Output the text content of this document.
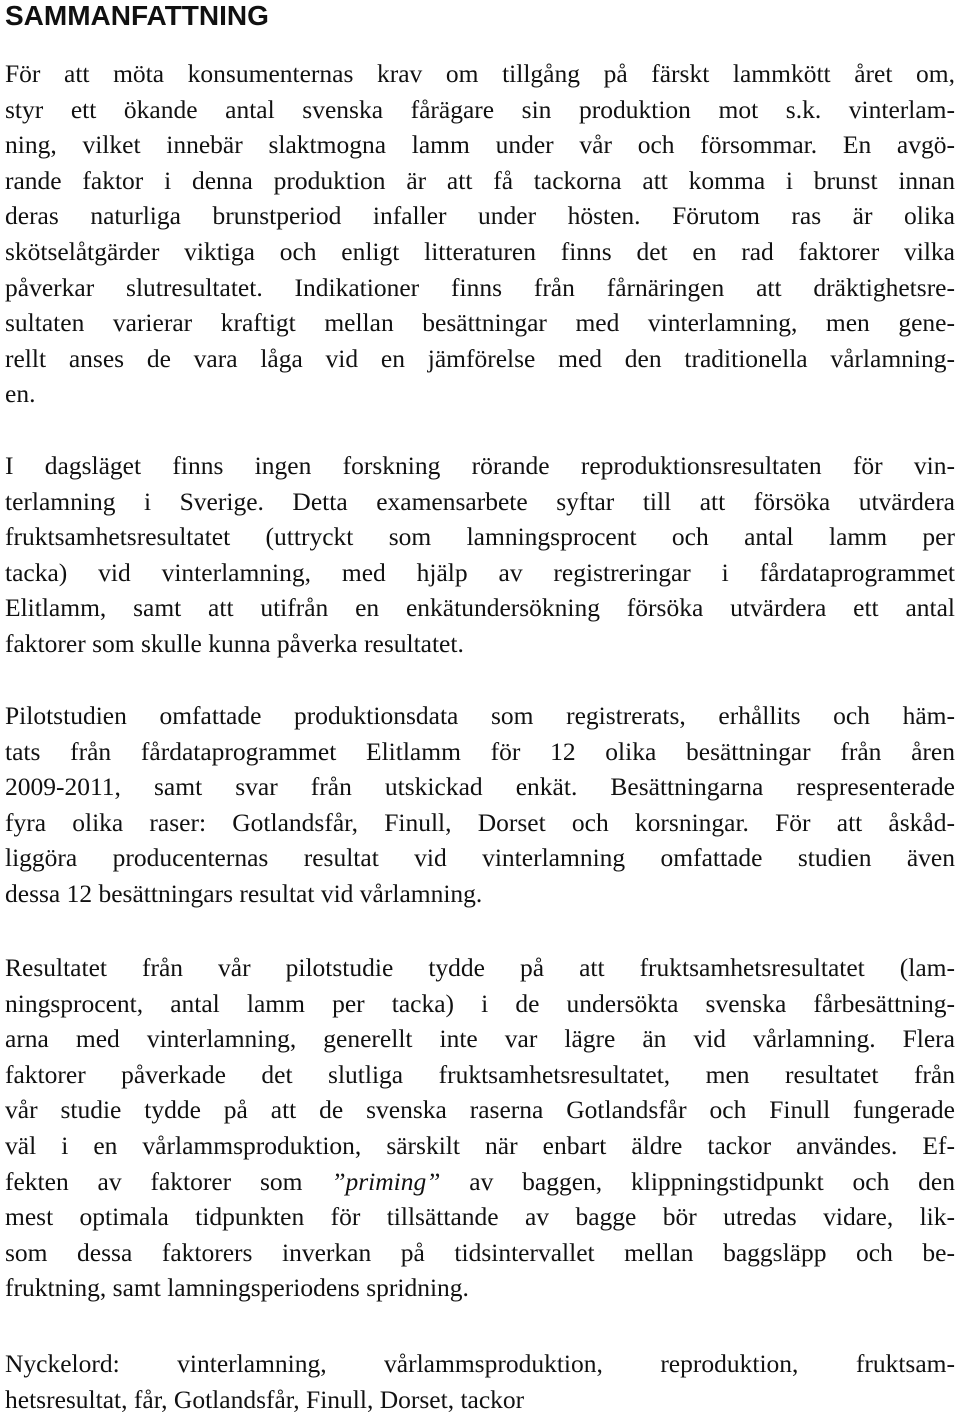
SAMMANFATTNING
För att möta konsumenternas krav om tillgång på färskt lammkött året om,
styr ett ökande antal svenska fårägare sin produktion mot s.k. vinterlam-
ning, vilket innebär slaktmogna lamm under vår och försommar. En avgö-
rande faktor i denna produktion är att få tackorna att komma i brunst innan
deras naturliga brunstperiod infaller under hösten. Förutom ras är olika
skötselåtgärder viktiga och enligt litteraturen finns det en rad faktorer vilka
påverkar slutresultatet. Indikationer finns från fårnäringen att dräktighetsre-
sultaten varierar kraftigt mellan besättningar med vinterlamning, men gene-
rellt anses de vara låga vid en jämförelse med den traditionella vårlamning-
en.
I dagsläget finns ingen forskning rörande reproduktionsresultaten för vin-
terlamning i Sverige. Detta examensarbete syftar till att försöka utvärdera
fruktsamhetsresultatet (uttryckt som lamningsprocent och antal lamm per
tacka) vid vinterlamning, med hjälp av registreringar i fårdataprogrammet
Elitlamm, samt att utifrån en enkätundersökning försöka utvärdera ett antal
faktorer som skulle kunna påverka resultatet.
Pilotstudien omfattade produktionsdata som registrerats, erhållits och häm-
tats från fårdataprogrammet Elitlamm för 12 olika besättningar från åren
2009-2011, samt svar från utskickad enkät. Besättningarna respresenterade
fyra olika raser: Gotlandsfår, Finull, Dorset och korsningar. För att åskåd-
liggöra producenternas resultat vid vinterlamning omfattade studien även
dessa 12 besättningars resultat vid vårlamning.
Resultatet från vår pilotstudie tydde på att fruktsamhetsresultatet (lam-
ningsprocent, antal lamm per tacka) i de undersökta svenska fårbesättning-
arna med vinterlamning, generellt inte var lägre än vid vårlamning. Flera
faktorer påverkade det slutliga fruktsamhetsresultatet, men resultatet från
vår studie tydde på att de svenska raserna Gotlandsfår och Finull fungerade
väl i en vårlammsproduktion, särskilt när enbart äldre tackor användes. Ef-
fekten av faktorer som ”priming” av baggen, klippningstidpunkt och den
mest optimala tidpunkten för tillsättande av bagge bör utredas vidare, lik-
som dessa faktorers inverkan på tidsintervallet mellan baggsläpp och be-
fruktning, samt lamningsperiodens spridning.
Nyckelord: vinterlamning, vårlammsproduktion, reproduktion, fruktsam-
hetsresultat, får, Gotlandsfår, Finull, Dorset, tackor
